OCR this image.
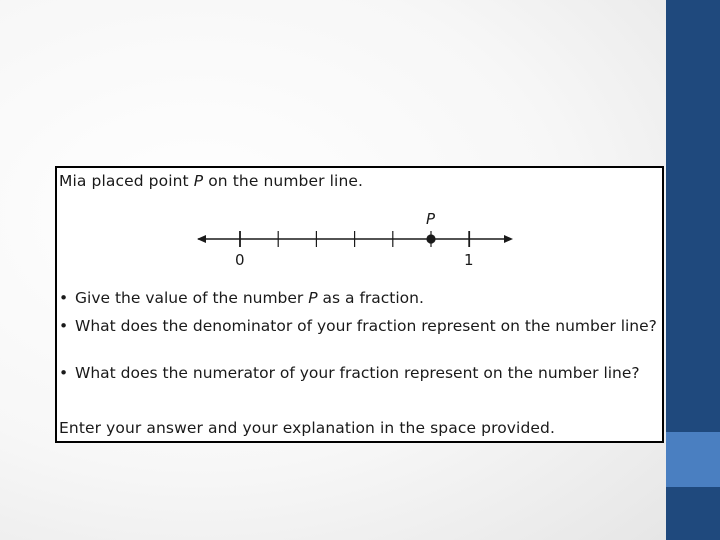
Mia placed point P on the number line.
P
0	1
• Give the value of the number P as a fraction.
• What does the denominator of your fraction represent on the number line?
• What does the numerator of your fraction represent on the number line?
Enter your answer and your explanation in the space provided.
